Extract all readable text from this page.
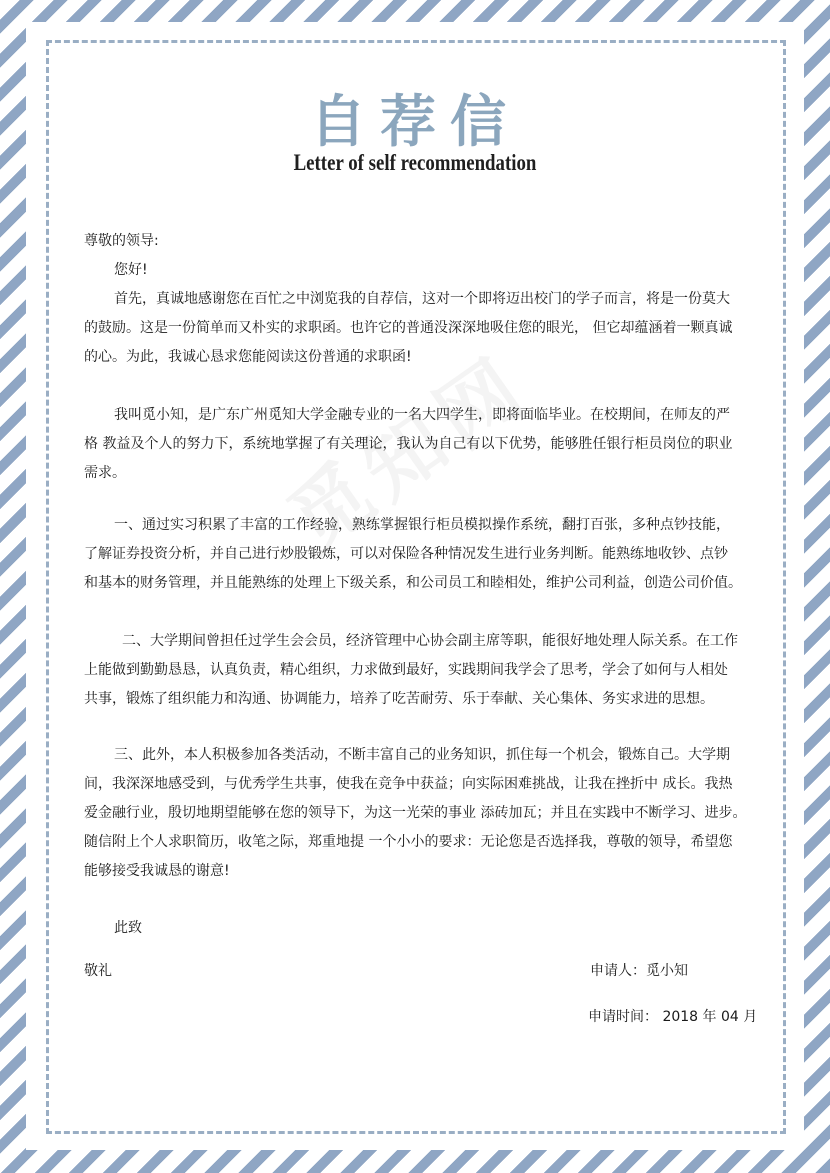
自荐信
Letter of self recommendation
尊敬的领导:
您好!
首先，真诚地感谢您在百忙之中浏览我的自荐信，这对一个即将迈出校门的学子而言，将是一份莫大
的鼓励。这是一份简单而又朴实的求职函。也许它的普通没深深地吸住您的眼光， 但它却蕴涵着一颗真诚
的心。为此，我诚心恳求您能阅读这份普通的求职函!
我叫觅小知，是广东广州觅知大学金融专业的一名大四学生，即将面临毕业。在校期间，在师友的严
格 教益及个人的努力下，系统地掌握了有关理论，我认为自己有以下优势，能够胜任银行柜员岗位的职业
需求。
一、通过实习积累了丰富的工作经验，熟练掌握银行柜员模拟操作系统，翻打百张，多种点钞技能，
了解证券投资分析，并自己进行炒股锻炼，可以对保险各种情况发生进行业务判断。能熟练地收钞、点钞
和基本的财务管理，并且能熟练的处理上下级关系，和公司员工和睦相处，维护公司利益，创造公司价值。
二、大学期间曾担任过学生会会员，经济管理中心协会副主席等职，能很好地处理人际关系。在工作
上能做到勤勤恳恳，认真负责，精心组织，力求做到最好，实践期间我学会了思考，学会了如何与人相处
共事，锻炼了组织能力和沟通、协调能力，培养了吃苦耐劳、乐于奉献、关心集体、务实求进的思想。
三、此外，本人积极参加各类活动，不断丰富自己的业务知识，抓住每一个机会，锻炼自己。大学期
间，我深深地感受到，与优秀学生共事，使我在竞争中获益；向实际困难挑战，让我在挫折中 成长。我热
爱金融行业，殷切地期望能够在您的领导下，为这一光荣的事业 添砖加瓦；并且在实践中不断学习、进步。
随信附上个人求职简历，收笔之际，郑重地提 一个小小的要求：无论您是否选择我，尊敬的领导，希望您
能够接受我诚恳的谢意!
此致
敬礼	申请人：觅小知
申请时间： 2018 年 04 月
